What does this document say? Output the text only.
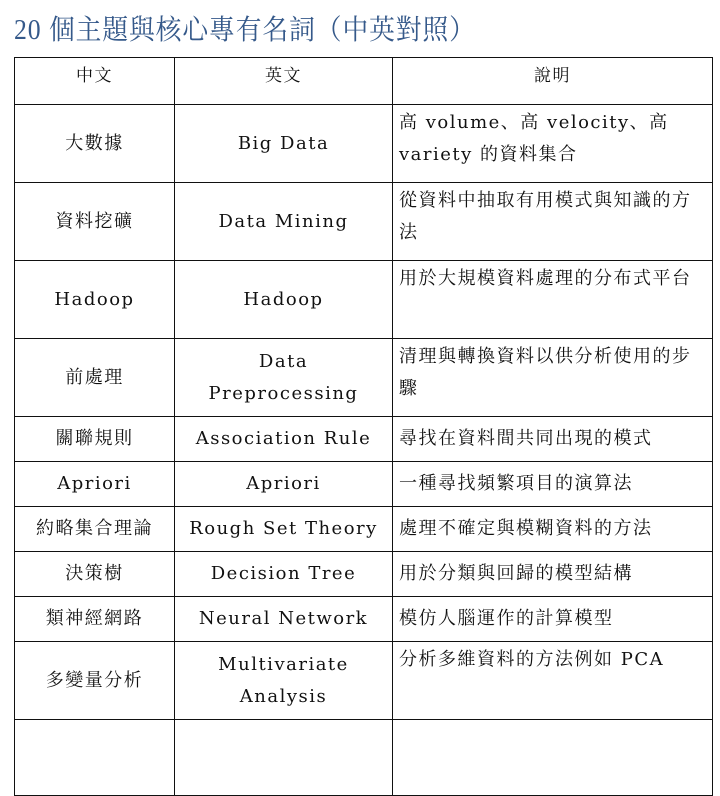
20 個主題與核心專有名詞（中英對照）
中文	英文	說明
大數據	Big Data	高 volume、高 velocity、高 variety 的資料集合
資料挖礦	Data Mining	從資料中抽取有用模式與知識的方法
Hadoop	Hadoop	用於大規模資料處理的分布式平台
前處理	Data Preprocessing	清理與轉換資料以供分析使用的步驟
關聯規則	Association Rule	尋找在資料間共同出現的模式
Apriori	Apriori	一種尋找頻繁項目的演算法
約略集合理論	Rough Set Theory	處理不確定與模糊資料的方法
決策樹	Decision Tree	用於分類與回歸的模型結構
類神經網路	Neural Network	模仿人腦運作的計算模型
多變量分析	Multivariate Analysis	分析多維資料的方法例如 PCA
